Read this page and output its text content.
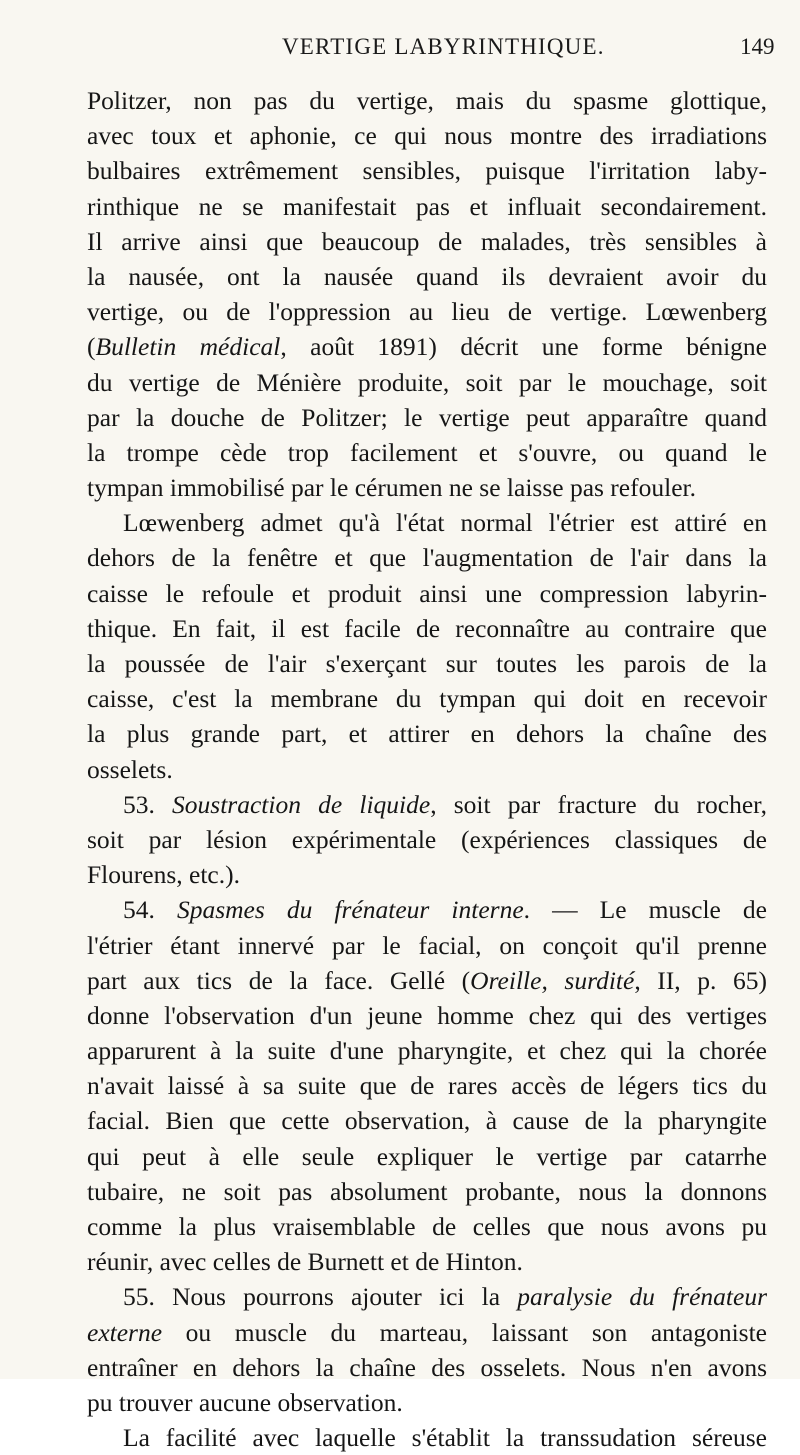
VERTIGE LABYRINTHIQUE.	149
Politzer, non pas du vertige, mais du spasme glottique,
avec toux et aphonie, ce qui nous montre des irradiations
bulbaires extrêmement sensibles, puisque l'irritation laby-
rinthique ne se manifestait pas et influait secondairement.
Il arrive ainsi que beaucoup de malades, très sensibles à
la nausée, ont la nausée quand ils devraient avoir du
vertige, ou de l'oppression au lieu de vertige. Lœwenberg
(Bulletin médical, août 1891) décrit une forme bénigne
du vertige de Ménière produite, soit par le mouchage, soit
par la douche de Politzer; le vertige peut apparaître quand
la trompe cède trop facilement et s'ouvre, ou quand le
tympan immobilisé par le cérumen ne se laisse pas refouler.
Lœwenberg admet qu'à l'état normal l'étrier est attiré en
dehors de la fenêtre et que l'augmentation de l'air dans la
caisse le refoule et produit ainsi une compression labyrin-
thique. En fait, il est facile de reconnaître au contraire que
la poussée de l'air s'exerçant sur toutes les parois de la
caisse, c'est la membrane du tympan qui doit en recevoir
la plus grande part, et attirer en dehors la chaîne des
osselets.
53. Soustraction de liquide, soit par fracture du rocher,
soit par lésion expérimentale (expériences classiques de
Flourens, etc.).
54. Spasmes du frénateur interne. — Le muscle de
l'étrier étant innervé par le facial, on conçoit qu'il prenne
part aux tics de la face. Gellé (Oreille, surdité, II, p. 65)
donne l'observation d'un jeune homme chez qui des vertiges
apparurent à la suite d'une pharyngite, et chez qui la chorée
n'avait laissé à sa suite que de rares accès de légers tics du
facial. Bien que cette observation, à cause de la pharyngite
qui peut à elle seule expliquer le vertige par catarrhe
tubaire, ne soit pas absolument probante, nous la donnons
comme la plus vraisemblable de celles que nous avons pu
réunir, avec celles de Burnett et de Hinton.
55. Nous pourrons ajouter ici la paralysie du frénateur
externe ou muscle du marteau, laissant son antagoniste
entraîner en dehors la chaîne des osselets. Nous n'en avons
pu trouver aucune observation.
La facilité avec laquelle s'établit la transsudation séreuse
